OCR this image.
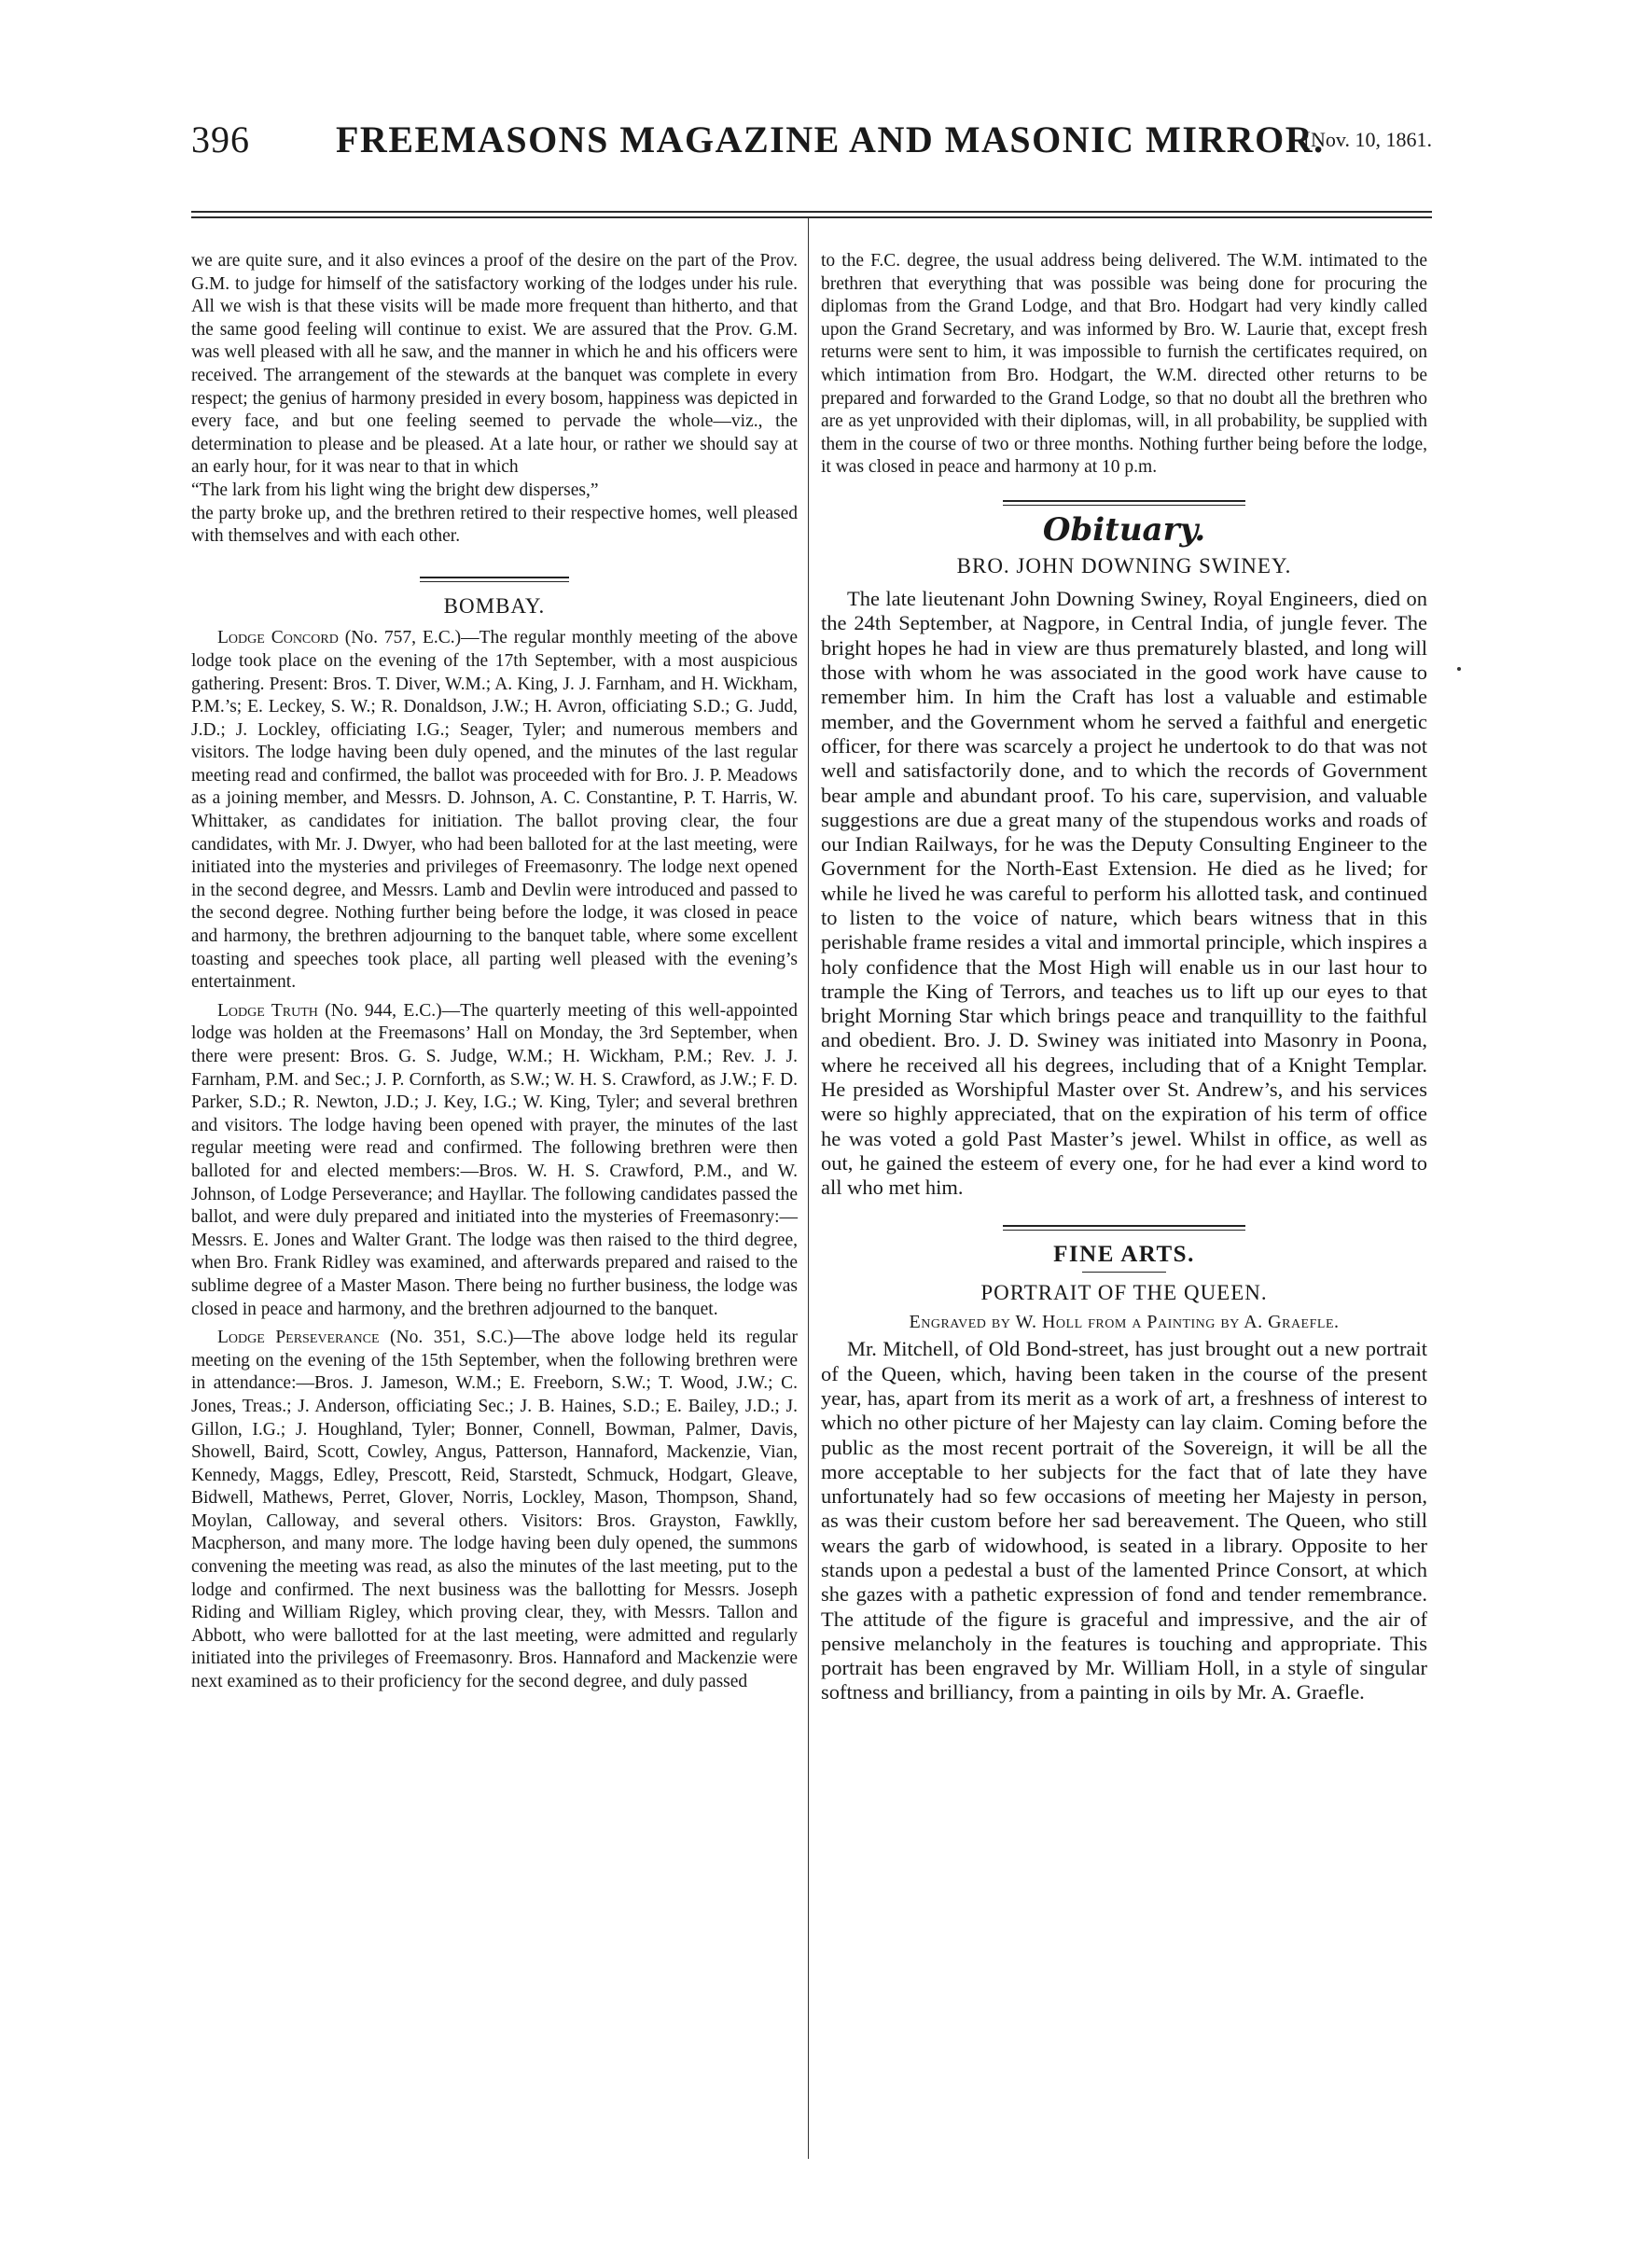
396 FREEMASONS MAGAZINE AND MASONIC MIRROR.
[Nov. 10, 1861.

we are quite sure, and it also evinces a proof of the desire on the part of the Prov. G.M. to judge for himself of the satisfactory working of the lodges under his rule. All we wish is that these visits will be made more frequent than hitherto, and that the same good feeling will continue to exist. We are assured that the Prov. G.M. was well pleased with all he saw, and the manner in which he and his officers were received. The arrangement of the stewards at the banquet was complete in every respect; the genius of harmony presided in every bosom, happiness was depicted in every face, and but one feeling seemed to pervade the whole—viz., the determination to please and be pleased. At a late hour, or rather we should say at an early hour, for it was near to that in which

“The lark from his light wing the bright dew disperses,”

the party broke up, and the brethren retired to their respective homes, well pleased with themselves and with each other.

BOMBAY.

Lodge Concord (No. 757, E.C.)—The regular monthly meeting of the above lodge took place on the evening of the 17th September, with a most auspicious gathering. Present: Bros. T. Diver, W.M.; A. King, J. J. Farnham, and H. Wickham, P.M.’s; E. Leckey, S. W.; R. Donaldson, J.W.; H. Avron, officiating S.D.; G. Judd, J.D.; J. Lockley, officiating I.G.; Seager, Tyler; and numerous members and visitors. The lodge having been duly opened, and the minutes of the last regular meeting read and confirmed, the ballot was proceeded with for Bro. J. P. Meadows as a joining member, and Messrs. D. Johnson, A. C. Constantine, P. T. Harris, W. Whittaker, as candidates for initiation. The ballot proving clear, the four candidates, with Mr. J. Dwyer, who had been balloted for at the last meeting, were initiated into the mysteries and privileges of Freemasonry. The lodge next opened in the second degree, and Messrs. Lamb and Devlin were introduced and passed to the second degree. Nothing further being before the lodge, it was closed in peace and harmony, the brethren adjourning to the banquet table, where some excellent toasting and speeches took place, all parting well pleased with the evening’s entertainment.

Lodge Truth (No. 944, E.C.)—The quarterly meeting of this well-appointed lodge was holden at the Freemasons’ Hall on Monday, the 3rd September, when there were present: Bros. G. S. Judge, W.M.; H. Wickham, P.M.; Rev. J. J. Farnham, P.M. and Sec.; J. P. Cornforth, as S.W.; W. H. S. Crawford, as J.W.; F. D. Parker, S.D.; R. Newton, J.D.; J. Key, I.G.; W. King, Tyler; and several brethren and visitors. The lodge having been opened with prayer, the minutes of the last regular meeting were read and confirmed. The following brethren were then balloted for and elected members:—Bros. W. H. S. Crawford, P.M., and W. Johnson, of Lodge Perseverance; and Hayllar. The following candidates passed the ballot, and were duly prepared and initiated into the mysteries of Freemasonry:—Messrs. E. Jones and Walter Grant. The lodge was then raised to the third degree, when Bro. Frank Ridley was examined, and afterwards prepared and raised to the sublime degree of a Master Mason. There being no further business, the lodge was closed in peace and harmony, and the brethren adjourned to the banquet.

Lodge Perseverance (No. 351, S.C.)—The above lodge held its regular meeting on the evening of the 15th September, when the following brethren were in attendance:—Bros. J. Jameson, W.M.; E. Freeborn, S.W.; T. Wood, J.W.; C. Jones, Treas.; J. Anderson, officiating Sec.; J. B. Haines, S.D.; E. Bailey, J.D.; J. Gillon, I.G.; J. Houghland, Tyler; Bonner, Connell, Bowman, Palmer, Davis, Showell, Baird, Scott, Cowley, Angus, Patterson, Hannaford, Mackenzie, Vian, Kennedy, Maggs, Edley, Prescott, Reid, Starstedt, Schmuck, Hodgart, Gleave, Bidwell, Mathews, Perret, Glover, Norris, Lockley, Mason, Thompson, Shand, Moylan, Calloway, and several others. Visitors: Bros. Grayston, Fawklly, Macpherson, and many more. The lodge having been duly opened, the summons convening the meeting was read, as also the minutes of the last meeting, put to the lodge and confirmed. The next business was the ballotting for Messrs. Joseph Riding and William Rigley, which proving clear, they, with Messrs. Tallon and Abbott, who were ballotted for at the last meeting, were admitted and regularly initiated into the privileges of Freemasonry. Bros. Hannaford and Mackenzie were next examined as to their proficiency for the second degree, and duly passed

to the F.C. degree, the usual address being delivered. The W.M. intimated to the brethren that everything that was possible was being done for procuring the diplomas from the Grand Lodge, and that Bro. Hodgart had very kindly called upon the Grand Secretary, and was informed by Bro. W. Laurie that, except fresh returns were sent to him, it was impossible to furnish the certificates required, on which intimation from Bro. Hodgart, the W.M. directed other returns to be prepared and forwarded to the Grand Lodge, so that no doubt all the brethren who are as yet unprovided with their diplomas, will, in all probability, be supplied with them in the course of two or three months. Nothing further being before the lodge, it was closed in peace and harmony at 10 p.m.

Obituary.
BRO. JOHN DOWNING SWINEY.

The late lieutenant John Downing Swiney, Royal Engineers, died on the 24th September, at Nagpore, in Central India, of jungle fever. The bright hopes he had in view are thus prematurely blasted, and long will those with whom he was associated in the good work have cause to remember him. In him the Craft has lost a valuable and estimable member, and the Government whom he served a faithful and energetic officer, for there was scarcely a project he undertook to do that was not well and satisfactorily done, and to which the records of Government bear ample and abundant proof. To his care, supervision, and valuable suggestions are due a great many of the stupendous works and roads of our Indian Railways, for he was the Deputy Consulting Engineer to the Government for the North-East Extension. He died as he lived; for while he lived he was careful to perform his allotted task, and continued to listen to the voice of nature, which bears witness that in this perishable frame resides a vital and immortal principle, which inspires a holy confidence that the Most High will enable us in our last hour to trample the King of Terrors, and teaches us to lift up our eyes to that bright Morning Star which brings peace and tranquillity to the faithful and obedient. Bro. J. D. Swiney was initiated into Masonry in Poona, where he received all his degrees, including that of a Knight Templar. He presided as Worshipful Master over St. Andrew’s, and his services were so highly appreciated, that on the expiration of his term of office he was voted a gold Past Master’s jewel. Whilst in office, as well as out, he gained the esteem of every one, for he had ever a kind word to all who met him.

FINE ARTS.
PORTRAIT OF THE QUEEN.
Engraved by W. Holl from a Painting by A. Graefle.

Mr. Mitchell, of Old Bond-street, has just brought out a new portrait of the Queen, which, having been taken in the course of the present year, has, apart from its merit as a work of art, a freshness of interest to which no other picture of her Majesty can lay claim. Coming before the public as the most recent portrait of the Sovereign, it will be all the more acceptable to her subjects for the fact that of late they have unfortunately had so few occasions of meeting her Majesty in person, as was their custom before her sad bereavement. The Queen, who still wears the garb of widowhood, is seated in a library. Opposite to her stands upon a pedestal a bust of the lamented Prince Consort, at which she gazes with a pathetic expression of fond and tender remembrance. The attitude of the figure is graceful and impressive, and the air of pensive melancholy in the features is touching and appropriate. This portrait has been engraved by Mr. William Holl, in a style of singular softness and brilliancy, from a painting in oils by Mr. A. Graefle.
